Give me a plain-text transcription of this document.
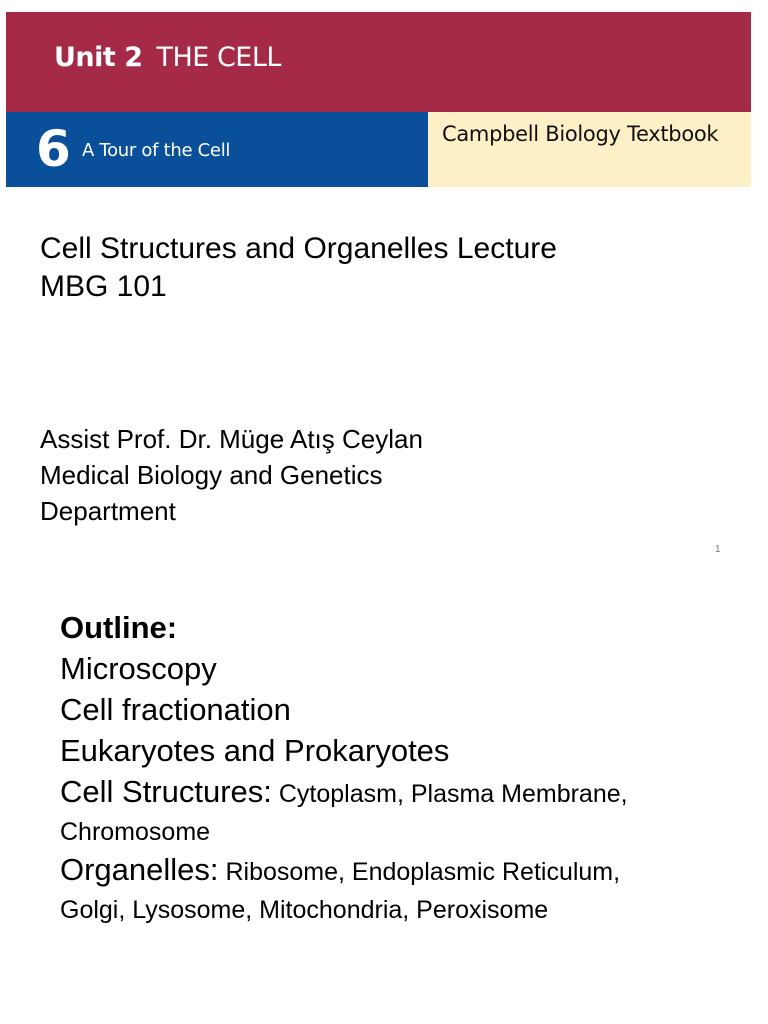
Unit 2 THE CELL
6 A Tour of the Cell
Campbell Biology Textbook
Cell Structures and Organelles Lecture
MBG 101
Assist Prof. Dr. Müge Atış Ceylan
Medical Biology and Genetics
Department
1
Outline:
Microscopy
Cell fractionation
Eukaryotes and Prokaryotes
Cell Structures: Cytoplasm, Plasma Membrane,
Chromosome
Organelles: Ribosome, Endoplasmic Reticulum,
Golgi, Lysosome, Mitochondria, Peroxisome
